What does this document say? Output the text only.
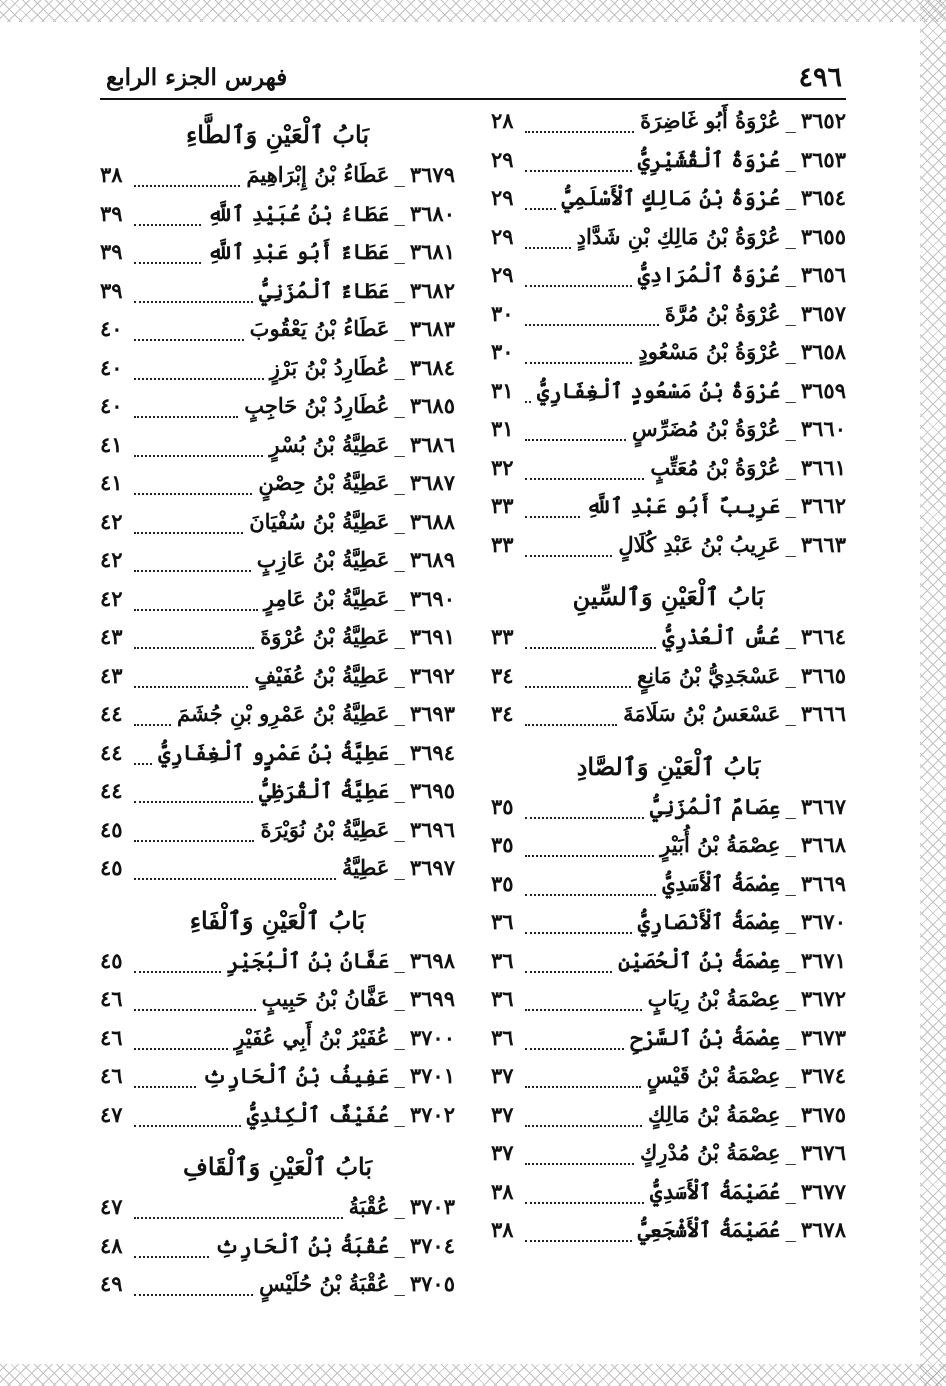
٤٩٦
فهرس الجزء الرابع
٣٦٥٢
_
عُرْوَةُ أَبُو غَاضِرَةَ
٢٨
٣٦٥٣
_
عُرْوَةُ ٱلْقُشَيْرِيُّ
٢٩
٣٦٥٤
_
عُرْوَةُ بْنُ مَالِكٍ ٱلْأَسْلَمِيُّ
٢٩
٣٦٥٥
_
عُرْوَةُ بْنُ مَالِكِ بْنِ شَدَّادٍ
٢٩
٣٦٥٦
_
عُرْوَةُ ٱلْمُرَادِيُّ
٢٩
٣٦٥٧
_
عُرْوَةُ بْنُ مُرَّةَ
٣٠
٣٦٥٨
_
عُرْوَةُ بْنُ مَسْعُودٍ
٣٠
٣٦٥٩
_
عُرْوَةُ بْنُ مَسْعُودٍ ٱلْغِفَارِيُّ
٣١
٣٦٦٠
_
عُرْوَةُ بْنُ مُضَرِّسٍ
٣١
٣٦٦١
_
عُرْوَةُ بْنُ مُعَتِّبٍ
٣٢
٣٦٦٢
_
عَرِيبٌ أَبُو عَبْدِ ٱللَّهِ
٣٣
٣٦٦٣
_
عَرِيبُ بْنُ عَبْدِ كُلَالٍ
٣٣
بَابُ ٱلْعَيْنِ وَٱلسِّينِ
٣٦٦٤
_
عُسُّ ٱلْعُذْرِيُّ
٣٣
٣٦٦٥
_
عَسْجَدِيُّ بْنُ مَانِعٍ
٣٤
٣٦٦٦
_
عَسْعَسُ بْنُ سَلَامَةَ
٣٤
بَابُ ٱلْعَيْنِ وَٱلصَّادِ
٣٦٦٧
_
عِصَامٌ ٱلْمُزَنِيُّ
٣٥
٣٦٦٨
_
عِصْمَةُ بْنُ أُبَيْرٍ
٣٥
٣٦٦٩
_
عِصْمَةُ ٱلْأَسَدِيُّ
٣٥
٣٦٧٠
_
عِصْمَةُ ٱلْأَنْصَارِيُّ
٣٦
٣٦٧١
_
عِصْمَةُ بْنُ ٱلْحُصَيْنِ
٣٦
٣٦٧٢
_
عِصْمَةُ بْنُ رِيَابٍ
٣٦
٣٦٧٣
_
عِصْمَةُ بْنُ ٱلسَّرْحِ
٣٦
٣٦٧٤
_
عِصْمَةُ بْنُ قَيْسٍ
٣٧
٣٦٧٥
_
عِصْمَةُ بْنُ مَالِكٍ
٣٧
٣٦٧٦
_
عِصْمَةُ بْنُ مُدْرِكٍ
٣٧
٣٦٧٧
_
عُصَيْمَةُ ٱلْأَسَدِيُّ
٣٨
٣٦٧٨
_
عُصَيْمَةُ ٱلْأَشْجَعِيُّ
٣٨
بَابُ ٱلْعَيْنِ وَٱلطَّاءِ
٣٦٧٩
_
عَطَاءُ بْنُ إِبْرَاهِيمَ
٣٨
٣٦٨٠
_
عَطَاءُ بْنُ عُبَيْدِ ٱللَّهِ
٣٩
٣٦٨١
_
عَطَاءٌ أَبُو عَبْدِ ٱللَّهِ
٣٩
٣٦٨٢
_
عَطَاءٌ ٱلْمُزَنِيُّ
٣٩
٣٦٨٣
_
عَطَاءُ بْنُ يَعْقُوبَ
٤٠
٣٦٨٤
_
عُطَارِدُ بْنُ بَرْزٍ
٤٠
٣٦٨٥
_
عُطَارِدُ بْنُ حَاجِبٍ
٤٠
٣٦٨٦
_
عَطِيَّةُ بْنُ بُسْرٍ
٤١
٣٦٨٧
_
عَطِيَّةُ بْنُ حِصْنٍ
٤١
٣٦٨٨
_
عَطِيَّةُ بْنُ سُفْيَانَ
٤٢
٣٦٨٩
_
عَطِيَّةُ بْنُ عَازِبٍ
٤٢
٣٦٩٠
_
عَطِيَّةُ بْنُ عَامِرٍ
٤٢
٣٦٩١
_
عَطِيَّةُ بْنُ عُرْوَةَ
٤٣
٣٦٩٢
_
عَطِيَّةُ بْنُ عُفَيْفٍ
٤٣
٣٦٩٣
_
عَطِيَّةُ بْنُ عَمْرِو بْنِ جُشَمَ
٤٤
٣٦٩٤
_
عَطِيَّةُ بْنُ عَمْرٍو ٱلْغِفَارِيُّ
٤٤
٣٦٩٥
_
عَطِيَّةُ ٱلْقُرَظِيُّ
٤٤
٣٦٩٦
_
عَطِيَّةُ بْنُ نُوَيْرَةَ
٤٥
٣٦٩٧
_
عَطِيَّةُ
٤٥
بَابُ ٱلْعَيْنِ وَٱلْفَاءِ
٣٦٩٨
_
عَفَّانُ بْنُ ٱلْبُجَيْرِ
٤٥
٣٦٩٩
_
عَفَّانُ بْنُ حَبِيبٍ
٤٦
٣٧٠٠
_
عُفَيْرُ بْنُ أَبِي عُفَيْرٍ
٤٦
٣٧٠١
_
عَفِيفُ بْنُ ٱلْحَارِثِ
٤٦
٣٧٠٢
_
عُفَيْفٌ ٱلْكِنْدِيُّ
٤٧
بَابُ ٱلْعَيْنِ وَٱلْقَافِ
٣٧٠٣
_
عُقْبَةُ
٤٧
٣٧٠٤
_
عُقْبَةُ بْنُ ٱلْحَارِثِ
٤٨
٣٧٠٥
_
عُقْبَةُ بْنُ حُلَيْسٍ
٤٩
